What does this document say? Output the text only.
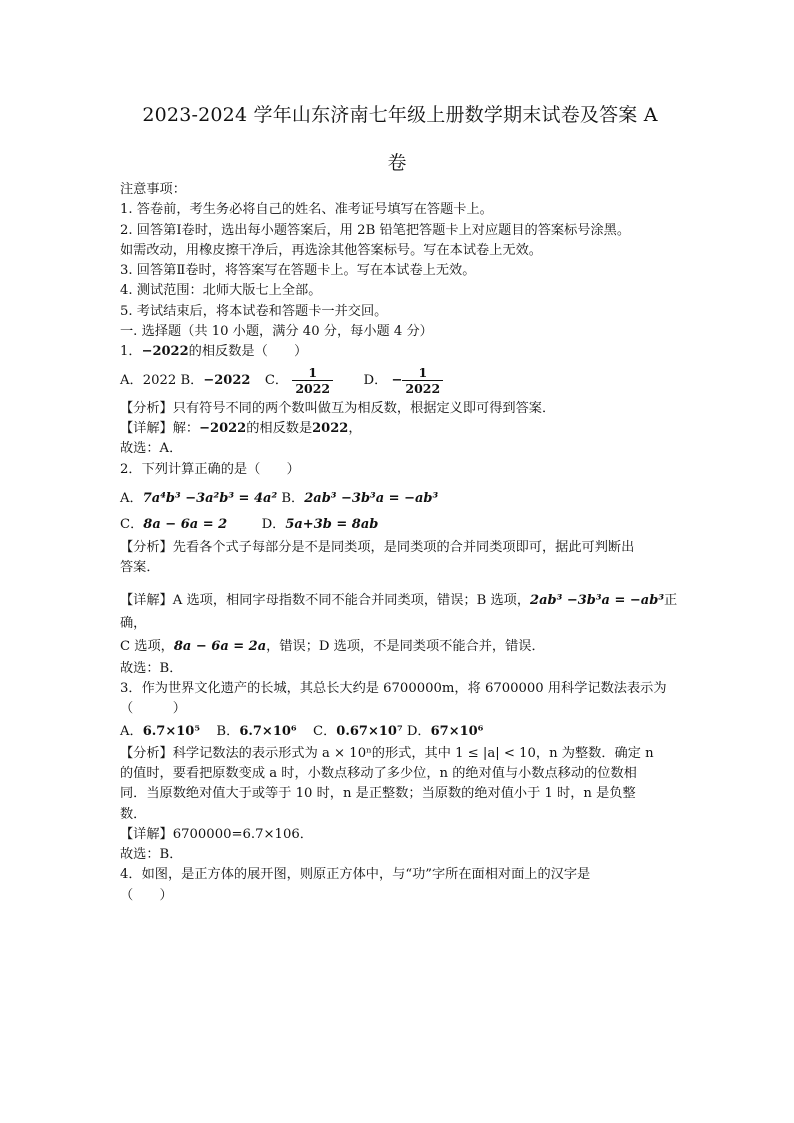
2023-2024 学年山东济南七年级上册数学期末试卷及答案 A
卷
注意事项：
1. 答卷前，考生务必将自己的姓名、准考证号填写在答题卡上。
2. 回答第Ⅰ卷时，选出每小题答案后，用 2B 铅笔把答题卡上对应题目的答案标号涂黑。
如需改动，用橡皮擦干净后，再选涂其他答案标号。写在本试卷上无效。
3. 回答第Ⅱ卷时，将答案写在答题卡上。写在本试卷上无效。
4. 测试范围：北师大版七上全部。
5. 考试结束后，将本试卷和答题卡一并交回。
一. 选择题（共 10 小题，满分 40 分，每小题 4 分）
1．−2022的相反数是（　　）
A．2022 B．−2022 C． $\frac{1}{2022}$ D． − $\frac{1}{2022}$
【分析】只有符号不同的两个数叫做互为相反数，根据定义即可得到答案．
【详解】解：−2022的相反数是2022，
故选：A．
2．下列计算正确的是（　　）
A．7a⁴b³ −3a²b³ = 4a² B．2ab³ −3b³a = −ab³
C．8a − 6a = 2	D．5a+3b = 8ab
【分析】先看各个式子每部分是不是同类项，是同类项的合并同类项即可，据此可判断出
答案．
【详解】A 选项，相同字母指数不同不能合并同类项，错误；B 选项，2ab³ −3b³a = −ab³正
确，
C 选项，8a − 6a = 2a，错误；D 选项，不是同类项不能合并，错误．
故选：B．
3．作为世界文化遗产的长城，其总长大约是 6700000m，将 6700000 用科学记数法表示为
（　　　）
A．6.7×10⁵ B．6.7×10⁶ C．0.67×10⁷ D．67×10⁶
【分析】科学记数法的表示形式为 a × 10ⁿ的形式，其中 1 ≤ |a| < 10，n 为整数．确定 n
的值时，要看把原数变成 a 时，小数点移动了多少位，n 的绝对值与小数点移动的位数相
同．当原数绝对值大于或等于 10 时，n 是正整数；当原数的绝对值小于 1 时，n 是负整
数．
【详解】6700000=6.7×106．
故选：B．
4．如图，是正方体的展开图，则原正方体中，与“功”字所在面相对面上的汉字是
（　　）
